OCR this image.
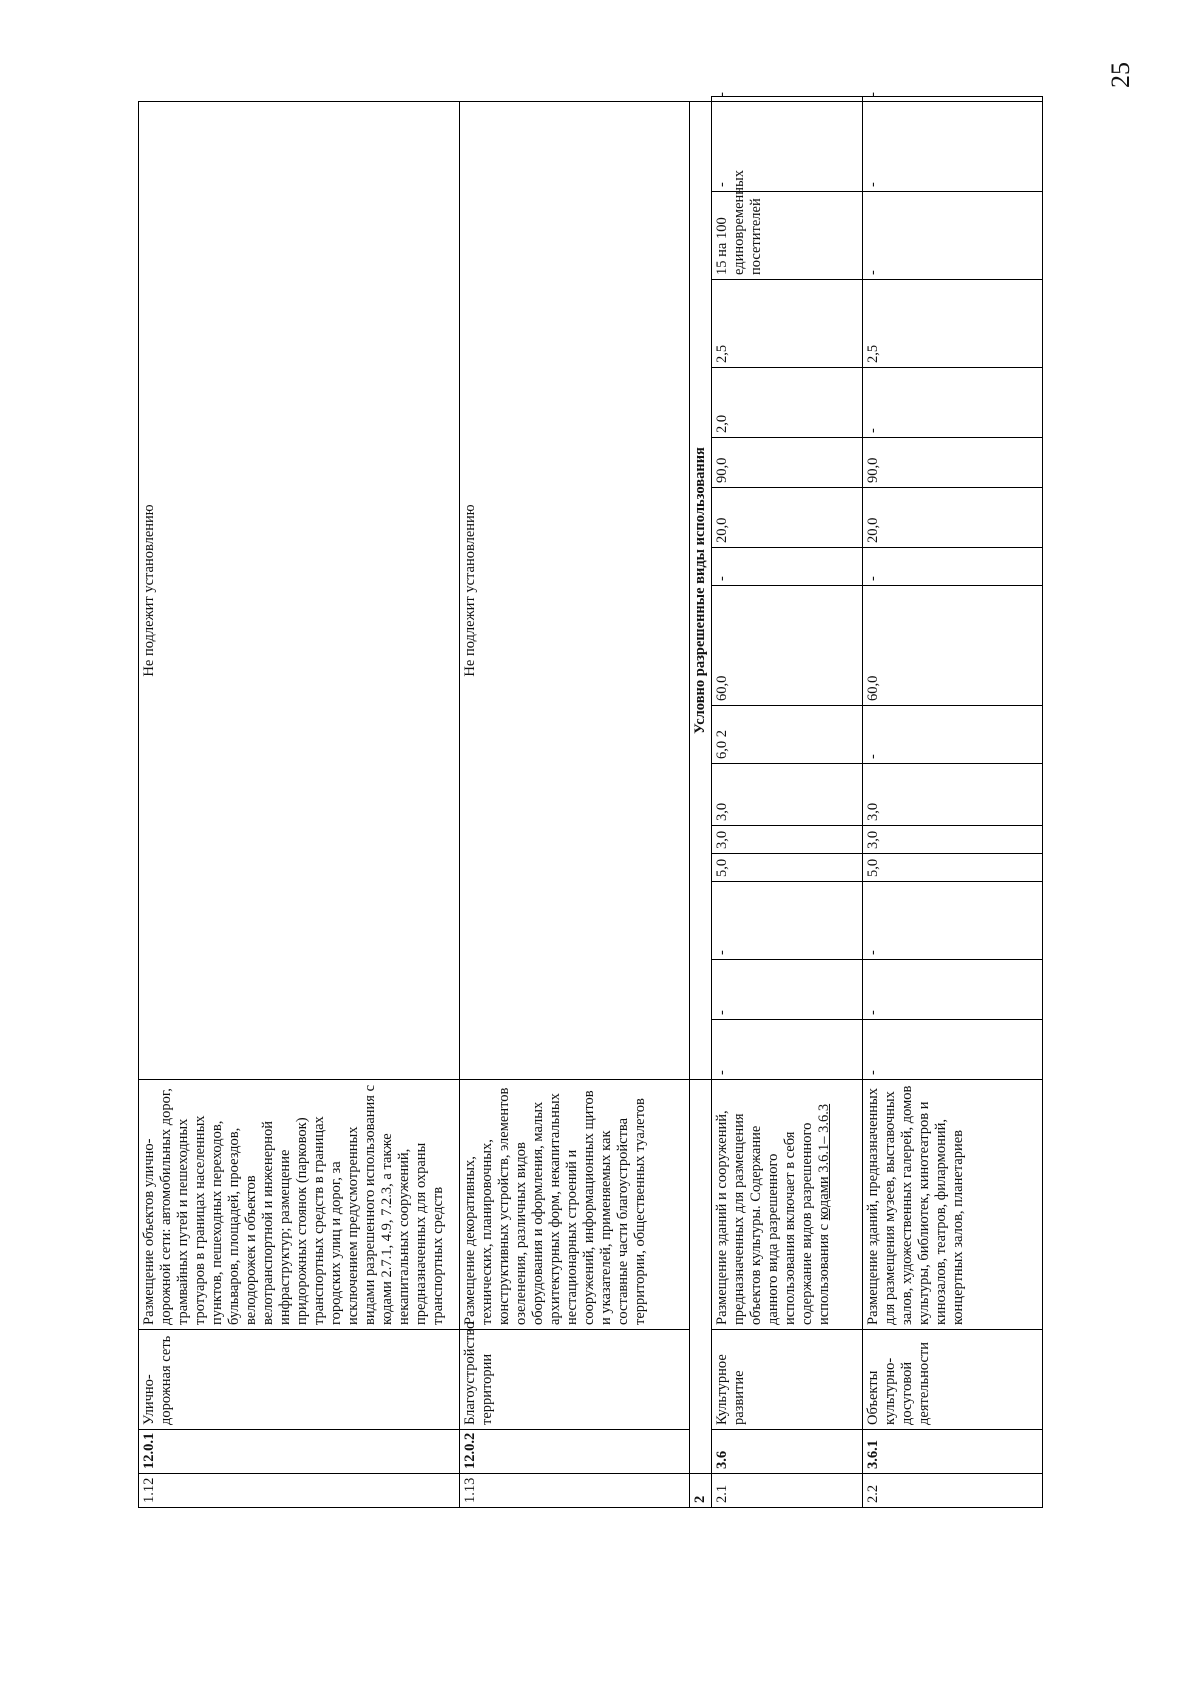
25
1.12	12.0.1	Улично-дорожная сеть	Размещение объектов улично-дорожной сети: автомобильных дорог, трамвайных путей и пешеходных тротуаров в границах населенных пунктов, пешеходных переходов, бульваров, площадей, проездов, велодорожек и объектов велотранспортной и инженерной инфраструктур; размещение придорожных стоянок (парковок) транспортных средств в границах городских улиц и дорог, за исключением предусмотренных видами разрешенного использования с кодами 2.7.1, 4.9, 7.2.3, а также некапитальных сооружений, предназначенных для охраны транспортных средств	Не подлежит установлению															
1.13	12.0.2	Благоустройство территории	Размещение декоративных, технических, планировочных, конструктивных устройств, элементов озеленения, различных видов оборудования и оформления, малых архитектурных форм, некапитальных нестационарных строений и сооружений, информационных щитов и указателей, применяемых как составные части благоустройства территории, общественных туалетов	Не подлежит установлению															
2				Условно разрешенные виды использования															
2.1	3.6	Культурное развитие	Размещение зданий и сооружений, предназначенных для размещения объектов культуры. Содержание данного вида разрешенного использования включает в себя содержание видов разрешенного использования с кодами 3.6.1– 3.6.3	-	-	-	5,0	3,0	3,0	6,0 2	60,0	-	20,0	90,0	2,0	2,5	15 на 100 единовременных посетителей	-	-
2.2	3.6.1	Объекты культурно-досуговой деятельности	Размещение зданий, предназначенных для размещения музеев, выставочных залов, художественных галерей, домов культуры, библиотек, кинотеатров и кинозалов, театров, филармоний, концертных залов, планетариев	-	-	-	5,0	3,0	3,0	-	60,0	-	20,0	90,0	-	2,5	-	-	-
